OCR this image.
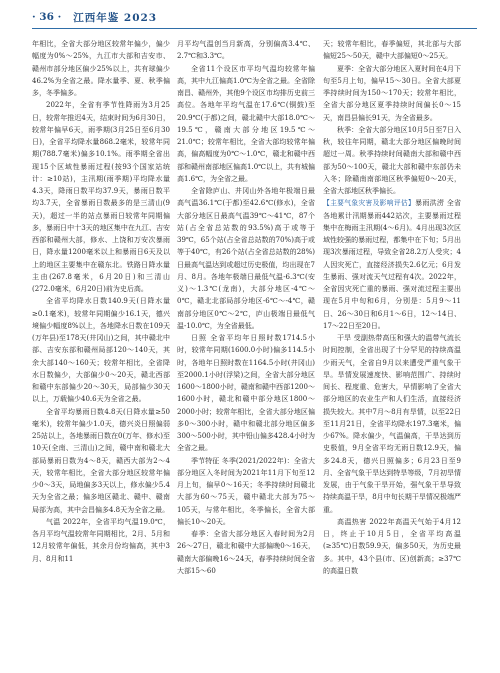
· 36 · 江西年鉴 2023

年相比，全省大部分地区较常年偏少，偏少幅度为0%～25%，九江市大部和吉安市、赣州市部分地区偏少25%以上，共有球偏少46.2%为全省之最。降水量季、夏、秋季偏多，冬季偏多。

2022年，全省有季节性降雨为3月25日，较常年推迟4天，结束时间为6月30日，较常年偏早6天，雨季期(3月25日至6月30日)，全省平均降水量868.2毫米，较常年同期(788.7毫米)偏多10.1%。雨季期全省出现15个区域性暴雨过程(按93个国家站统计：≥10站)，主汛期(雨季期)平均降水量4.3天，降雨日数平均37.9天，暴雨日数平均3.7天，全省暴雨日数最多的是三清山(9天)，超过一半的站点暴雨日较常年同期偏多，暴雨日中十3天的地区集中在九江、吉安西部和赣州大部，修水、上饶和万安次暴雨日，降水量1200毫米以上和暴雨日6天及以上的地区主要集中在赣东北。铁路日降水量主由(267.8毫米，6月20日)和三清山(272.0毫米，6月20日)前为史后高。

全省平均降水日数140.9天(日降水量≥0.1毫米)，较常年同期偏少16.1天，德兴境偏少幅度8%以上，各地降水日数在109天(万年县)至178天(井冈山)之间，其中赣北中部、吉安东部和赣州局部120～140天，其余大部140～160天；较常年相比，全省降水日数偏少，大部偏少0～20天，赣北西部和赣中东部偏少20～30天，局部偏少30天以上，万载偏少40.6天为全省之最。

全省平均暴雨日数4.8天(日降水量≥50毫米)，较常年偏少1.0天，德兴炎日照偏弱25站以上，各地暴雨日数在0(万年、修水)至10天(全南、三清山)之间，赣中南和赣北大部局暴雨日数为4～8天，赣西大部为2～4天，较常年相比，全省大部分地区较常年偏少0～3天，局地偏多3天以上，修水偏少5.4天为全省之最；偏多地区赣北、赣中、赣南局部为高，其中会昌偏多4.8天为全省之最。

气温 2022年，全省平均气温19.0℃，各月平均气温较常年同期相比，2月、5月和12月较常年偏低，其余月份均偏高，其中3月、8月和11

月平均气温创当月新高，分别偏高3.4℃、2.7℃和3.3℃。

全省11个设区市平均气温均较常年偏高，其中九江偏高1.0℃为全省之最。全省除南昌、赣州外，其他9个设区市均排历史前三高位。各地年平均气温在17.6℃(铜鼓)至20.9℃(于都)之间，赣北赣中大部18.0℃～19.5℃，赣南大部分地区19.5℃～21.0℃；较常年相比，全省大部均较常年偏高，偏高幅度为0℃～1.0℃，赣北和赣中西部和赣州南部地区偏高1.0℃以上，共有城偏高1.6℃，为全省之最。

全省除庐山、井冈山外各地年极端日最高气温36.1℃(于都)至42.6℃(修水)，全省大部分地区日最高气温39℃～41℃，87个站(占全省总站数的93.5%)高于或等于39℃，65个站(占全省总站数的70%)高于或等于40℃，有26个站(占全省总站数的28%)日最高气温达到或超过历史极值，均出现在7月、8月。各地年极端日最低气温-6.3℃(安义)～1.3℃(龙南)，大部分地区-4℃～0℃，赣北北部局部分地区-6℃～-4℃，赣南部分地区0℃～2℃，庐山极端日最低气温-10.0℃，为全省最低。

日照 全省平均年日照时数1714.5小时，较常年同期(1600.0小时)偏多114.5小时，各地年日照时数在1164.5小时(井冈山)至2000.1小时(浮梁)之间，全省大部分地区1600～1800小时，赣南和赣中西部1200～1600小时，赣北和赣中部分地区1800～2000小时；较常年相比，全省大部分地区偏多0～300小时，赣中和赣北部分地区偏多300～500小时，其中铅山偏多428.4小时为全省之最。

季节特征 冬季(2021/2022年)：全省大部分地区入冬时间为2021年11月下旬至12月上旬，偏早0～16天；冬季持续时间赣北大部为60～75天，赣中赣北大部为75～105天，与常年相比，冬季偏长，全省大部偏长10～20天。

春季：全省大部分地区入春时间为2月26～27日，赣北和赣中大部偏晚0～16天，赣南大部偏晚16～24天，春季持续时间全省大部15～60

天；较常年相比，春季偏短，其北部与大部偏短25～50天，赣中大部偏短0～25天。

夏季：全省大部分地区入夏时间在4月下旬至5月上旬，偏早15～30日。全省大部夏季持续时间为150～170天；较常年相比，全省大部分地区夏季持续时间偏长0～15天，南昌县偏长91天，为全省最多。

秋季：全省大部分地区10月5日至7日入秋，较往年同期，赣北大部分地区偏晚时间超过一周。秋季持续时间赣南大部和赣中西部为50～100天，赣北大部和赣中东部仍未入冬；除赣南南部地区秋季偏短0～20天，全省大部地区秋季偏长。

【主要气象灾害及影响评估】暴雨洪涝 全省各地累计汛期暴雨442站次，主要暴雨过程集中在梅雨主汛期(4～6月)。4月出现3次区域性较强的暴雨过程，都集中在下旬；5月出现3次暴雨过程，导致全省28.2万人受灾；4人因灾死亡，直接经济损失2.6亿元；6月发生暴雨、强对流天气过程有4次。2022年，全省因灾死亡重的暴雨、强对流过程主要出现在5月中旬和6月，分别是：5月9～11日、26～30日和6月1～6日，12～14日、17～22日至20日。

干旱 受副热带高压和强大的温带气流长时间控制，全省出现了十分罕见的持续高温少雨天气，全省自9月以来遭受严重气象干旱。旱情发展速度快、影响范围广、持续时间长、程度重、危害大，早情影响了全省大部分地区的农业生产和人们生活，直接经济损失较大。其中7月～8月有旱情，以至22日至11月21日，全省平均降水197.3毫米，偏少67%。降水偏少，气温偏高，干旱达到历史极值，9月全省平均无雨日数12.9天，偏多24.8天，德兴日照偏多；6月23日至9月、全省气象干旱达到特旱等级，7月初旱情发展，由于气象干旱开始，强气象干旱导致持续高温干旱，8月中旬长期干旱情况极端严重。

高温热害 2022年高温天气始于4月12日，终止于10月5日，全省平均高温(≥35℃)日数59.9天，偏多50天，为历史最多。其中，43个县(市、区)创新高；≥37℃的高温日数
